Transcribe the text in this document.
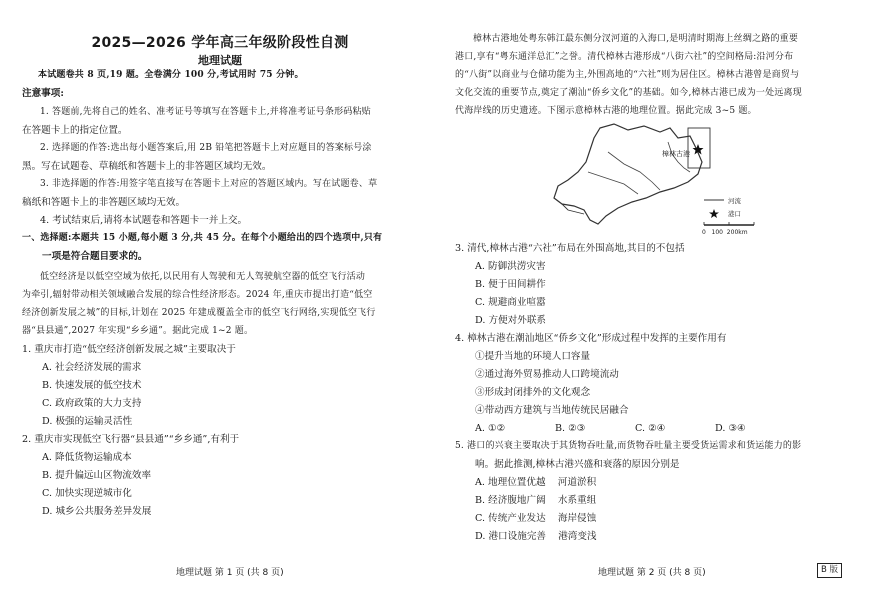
2025—2026 学年高三年级阶段性自测
地理试题
本试题卷共 8 页,19 题。全卷满分 100 分,考试用时 75 分钟。
注意事项:
1. 答题前,先将自己的姓名、准考证号等填写在答题卡上,并将准考证号条形码粘贴
在答题卡上的指定位置。
2. 选择题的作答:选出每小题答案后,用 2B 铅笔把答题卡上对应题目的答案标号涂
黑。写在试题卷、草稿纸和答题卡上的非答题区域均无效。
3. 非选择题的作答:用签字笔直接写在答题卡上对应的答题区域内。写在试题卷、草
稿纸和答题卡上的非答题区域均无效。
4. 考试结束后,请将本试题卷和答题卡一并上交。
一、选择题:本题共 15 小题,每小题 3 分,共 45 分。在每个小题给出的四个选项中,只有
一项是符合题目要求的。
低空经济是以低空空域为依托,以民用有人驾驶和无人驾驶航空器的低空飞行活动
为牵引,辐射带动相关领域融合发展的综合性经济形态。2024 年,重庆市提出打造“低空
经济创新发展之城”的目标,计划在 2025 年建成覆盖全市的低空飞行网络,实现低空飞行
器“县县通”,2027 年实现“乡乡通”。据此完成 1~2 题。
1. 重庆市打造“低空经济创新发展之城”主要取决于
A. 社会经济发展的需求
B. 快速发展的低空技术
C. 政府政策的大力支持
D. 极强的运输灵活性
2. 重庆市实现低空飞行器“县县通”“乡乡通”,有利于
A. 降低货物运输成本
B. 提升偏远山区物流效率
C. 加快实现逆城市化
D. 城乡公共服务差异发展
樟林古港地处粤东韩江最东侧分汊河道的入海口,是明清时期海上丝绸之路的重要
港口,享有“粤东通洋总汇”之誉。清代樟林古港形成“八街六社”的空间格局:沿河分布
的“八街”以商业与仓储功能为主,外围高地的“六社”则为居住区。樟林古港曾是商贸与
文化交流的重要节点,奠定了潮汕“侨乡文化”的基础。如今,樟林古港已成为一处远离现
代海岸线的历史遗迹。下图示意樟林古港的地理位置。据此完成 3~5 题。
3. 清代,樟林古港“六社”布局在外围高地,其目的不包括
A. 防御洪涝灾害
B. 便于田间耕作
C. 规避商业喧嚣
D. 方便对外联系
4. 樟林古港在潮汕地区“侨乡文化”形成过程中发挥的主要作用有
①提升当地的环境人口容量
②通过海外贸易推动人口跨境流动
③形成封闭排外的文化观念
④带动西方建筑与当地传统民居融合
A. ①②	B. ②③	C. ②④	D. ③④
5. 港口的兴衰主要取决于其货物吞吐量,而货物吞吐量主要受货运需求和货运能力的影
响。据此推测,樟林古港兴盛和衰落的原因分别是
A. 地理位置优越    河道淤积
B. 经济腹地广阔    水系重组
C. 传统产业发达    海岸侵蚀
D. 港口设施完善    港湾变浅
樟林古港
河流
港口
0   100  200km
地理试题 第 1 页 (共 8 页)	地理试题 第 2 页 (共 8 页)	B 版
